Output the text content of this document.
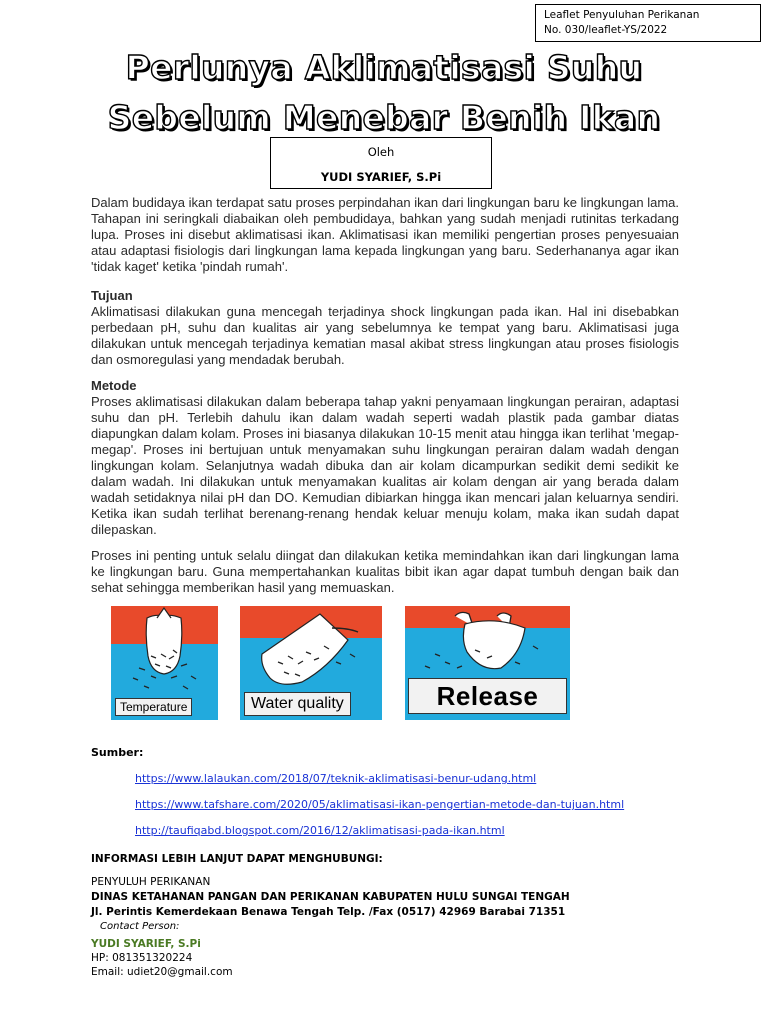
Leaflet Penyuluhan Perikanan
No. 030/leaflet-YS/2022
Perlunya Aklimatisasi Suhu
Sebelum Menebar Benih Ikan
Oleh
YUDI SYARIEF, S.Pi

Dalam budidaya ikan terdapat satu proses perpindahan ikan dari lingkungan baru ke lingkungan lama. Tahapan ini seringkali diabaikan oleh pembudidaya, bahkan yang sudah menjadi rutinitas terkadang lupa. Proses ini disebut aklimatisasi ikan. Aklimatisasi ikan memiliki pengertian proses penyesuaian atau adaptasi fisiologis dari lingkungan lama kepada lingkungan yang baru. Sederhananya agar ikan 'tidak kaget' ketika 'pindah rumah'.

Tujuan

Aklimatisasi dilakukan guna mencegah terjadinya shock lingkungan pada ikan. Hal ini disebabkan perbedaan pH, suhu dan kualitas air yang sebelumnya ke tempat yang baru. Aklimatisasi juga dilakukan untuk mencegah terjadinya kematian masal akibat stress lingkungan atau proses fisiologis dan osmoregulasi yang mendadak berubah.

Metode

Proses aklimatisasi dilakukan dalam beberapa tahap yakni penyamaan lingkungan perairan, adaptasi suhu dan pH. Terlebih dahulu ikan dalam wadah seperti wadah plastik pada gambar diatas diapungkan dalam kolam. Proses ini biasanya dilakukan 10-15 menit atau hingga ikan terlihat 'megap-megap'. Proses ini bertujuan untuk menyamakan suhu lingkungan perairan dalam wadah dengan lingkungan kolam. Selanjutnya wadah dibuka dan air kolam dicampurkan sedikit demi sedikit ke dalam wadah. Ini dilakukan untuk menyamakan kualitas air kolam dengan air yang berada dalam wadah setidaknya nilai pH dan DO. Kemudian dibiarkan hingga ikan mencari jalan keluarnya sendiri. Ketika ikan sudah terlihat berenang-renang hendak keluar menuju kolam, maka ikan sudah dapat dilepaskan.

Proses ini penting untuk selalu diingat dan dilakukan ketika memindahkan ikan dari lingkungan lama ke lingkungan baru. Guna mempertahankan kualitas bibit ikan agar dapat tumbuh dengan baik dan sehat sehingga memberikan hasil yang memuaskan.

Temperature	Water quality	Release
Sumber:
https://www.lalaukan.com/2018/07/teknik-aklimatisasi-benur-udang.html
https://www.tafshare.com/2020/05/aklimatisasi-ikan-pengertian-metode-dan-tujuan.html
http://taufiqabd.blogspot.com/2016/12/aklimatisasi-pada-ikan.html
INFORMASI LEBIH LANJUT DAPAT MENGHUBUNGI:
PENYULUH PERIKANAN
DINAS KETAHANAN PANGAN DAN PERIKANAN KABUPATEN HULU SUNGAI TENGAH
Jl. Perintis Kemerdekaan Benawa Tengah Telp. /Fax (0517) 42969 Barabai 71351
Contact Person:
YUDI SYARIEF, S.Pi
HP: 081351320224
Email: udiet20@gmail.com
